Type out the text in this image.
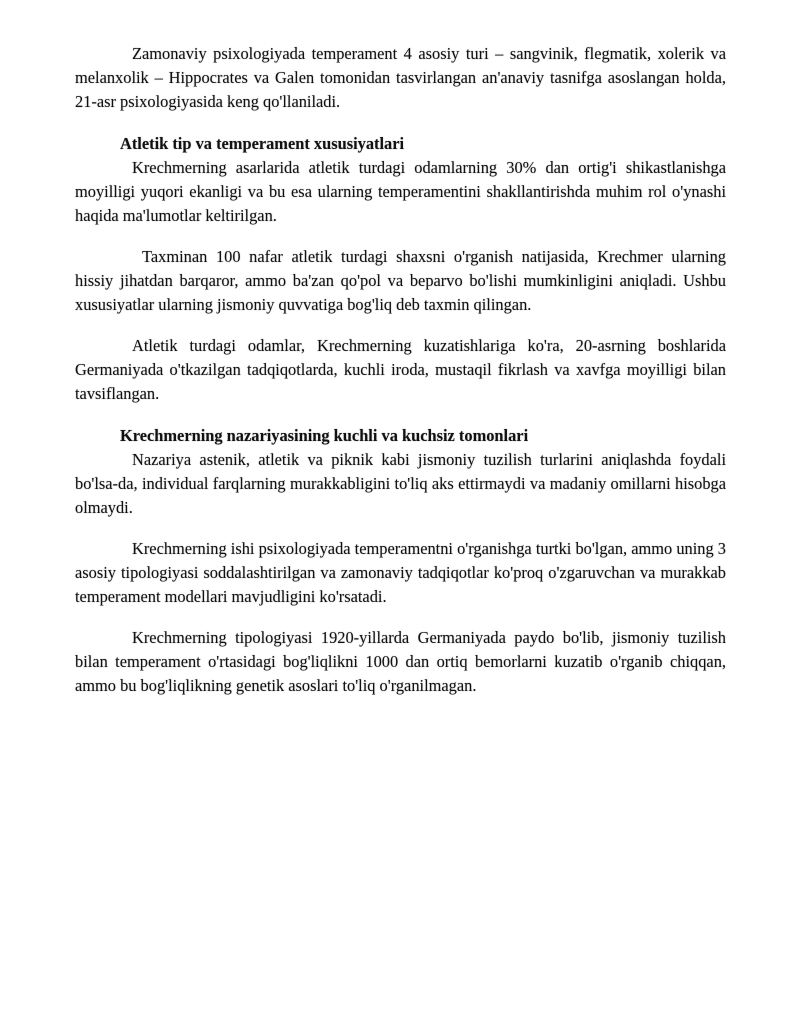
Zamonaviy psixologiyada temperament 4 asosiy turi – sangvinik, flegmatik, xolerik va melanxolik – Hippocrates va Galen tomonidan tasvirlangan an'anaviy tasnifga asoslangan holda, 21-asr psixologiyasida keng qo'llaniladi.

Atletik tip va temperament xususiyatlari

Krechmerning asarlarida atletik turdagi odamlarning 30% dan ortig'i shikastlanishga moyilligi yuqori ekanligi va bu esa ularning temperamentini shakllantirishda muhim rol o'ynashi haqida ma'lumotlar keltirilgan.

Taxminan 100 nafar atletik turdagi shaxsni o'rganish natijasida, Krechmer ularning hissiy jihatdan barqaror, ammo ba'zan qo'pol va beparvo bo'lishi mumkinligini aniqladi. Ushbu xususiyatlar ularning jismoniy quvvatiga bog'liq deb taxmin qilingan.

Atletik turdagi odamlar, Krechmerning kuzatishlariga ko'ra, 20-asrning boshlarida Germaniyada o'tkazilgan tadqiqotlarda, kuchli iroda, mustaqil fikrlash va xavfga moyilligi bilan tavsiflangan.

Krechmerning nazariyasining kuchli va kuchsiz tomonlari

Nazariya astenik, atletik va piknik kabi jismoniy tuzilish turlarini aniqlashda foydali bo'lsa-da, individual farqlarning murakkabligini to'liq aks ettirmaydi va madaniy omillarni hisobga olmaydi.

Krechmerning ishi psixologiyada temperamentni o'rganishga turtki bo'lgan, ammo uning 3 asosiy tipologiyasi soddalashtirilgan va zamonaviy tadqiqotlar ko'proq o'zgaruvchan va murakkab temperament modellari mavjudligini ko'rsatadi.

Krechmerning tipologiyasi 1920-yillarda Germaniyada paydo bo'lib, jismoniy tuzilish bilan temperament o'rtasidagi bog'liqlikni 1000 dan ortiq bemorlarni kuzatib o'rganib chiqqan, ammo bu bog'liqlikning genetik asoslari to'liq o'rganilmagan.
